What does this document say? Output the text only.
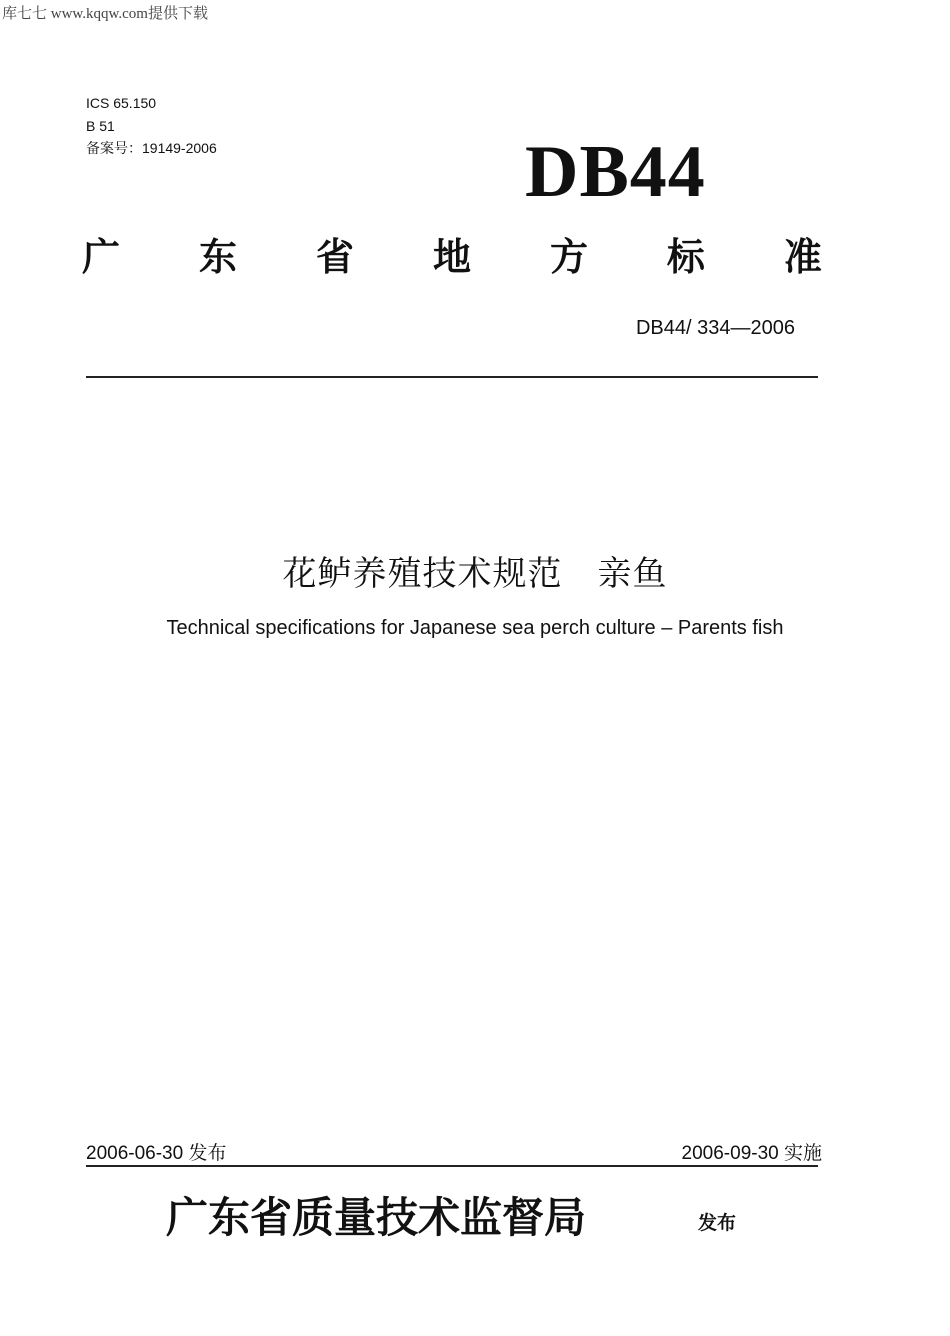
库七七 www.kqqw.com提供下载
ICS 65.150
B 51
备案号：19149-2006	DB44
广 东 省 地 方 标 准
DB44/ 334—2006
花鲈养殖技术规范　亲鱼
Technical specifications for Japanese sea perch culture – Parents fish
2006-06-30 发布	2006-09-30 实施
广东省质量技术监督局	发布
